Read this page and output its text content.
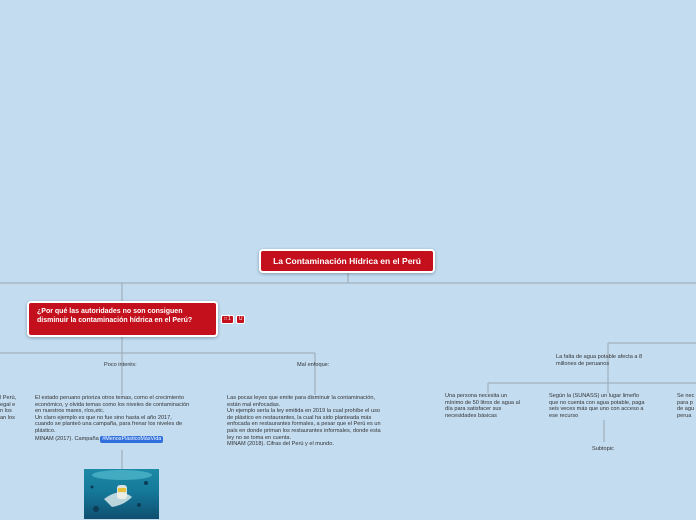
La Contaminación Hídrica en el Perú
¿Por qué las autoridades no son consiguen disminuir la contaminación hídrica en el Perú?	□ 1 U
l Perú,
egal e
n los
an los
Poco interés:
El estado peruano prioriza otros temas, como el crecimiento
económico, y olvida temas como los niveles de contaminación
en nuestros mares, ríos,etc.
Un claro ejemplo es que no fue sino hasta el año 2017,
cuando se planteó una campaña, para frenar los niveles de
plástico.
MINAM (2017). Campaña #MenosPlásticoMásVida
Mal enfoque:
Las pocas leyes que emite para disminuir la contaminación,
están mal enfocadas.
Un ejemplo sería la ley emitida en 2019 la cual prohíbe el uso
de plástico en restaurantes, la cual ha sido planteada más
enfocada en restaurantes formales, a pesar que el Perú es un
país en donde priman los restaurantes informales, donde esta
ley no se toma en cuenta.
MINAM (2018). Cifras del Perú y el mundo.
La falta de agua potable afecta a 8
millones de peruanos
Una persona necesita un
mínimo de 50 litros de agua al
día para satisfacer sus
necesidades básicas
Según la (SUNASS) un lugar limeño
que no cuenta con agua potable, paga
seis veces más que uno con acceso a
ese recurso
Se nec
para p
de agu
perua
Subtopic
